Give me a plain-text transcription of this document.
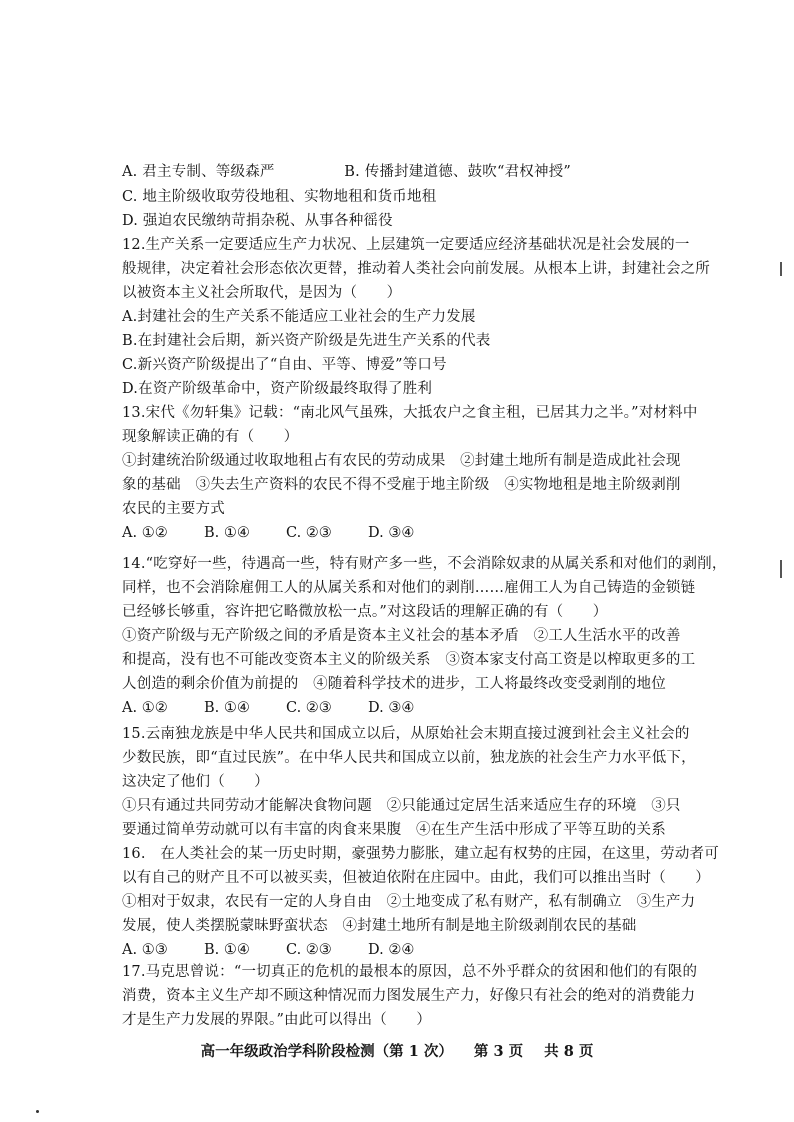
A. 君主专制、等级森严	B. 传播封建道德、鼓吹“君权神授”
C. 地主阶级收取劳役地租、实物地租和货币地租
D. 强迫农民缴纳苛捐杂税、从事各种徭役
12.生产关系一定要适应生产力状况、上层建筑一定要适应经济基础状况是社会发展的一
般规律，决定着社会形态依次更替，推动着人类社会向前发展。从根本上讲，封建社会之所
以被资本主义社会所取代，是因为（　　）
A.封建社会的生产关系不能适应工业社会的生产力发展
B.在封建社会后期，新兴资产阶级是先进生产关系的代表
C.新兴资产阶级提出了“自由、平等、博爱”等口号
D.在资产阶级革命中，资产阶级最终取得了胜利
13.宋代《勿轩集》记载：“南北风气虽殊，大抵农户之食主租，已居其力之半。”对材料中
现象解读正确的有（　　）
①封建统治阶级通过收取地租占有农民的劳动成果　②封建土地所有制是造成此社会现
象的基础　③失去生产资料的农民不得不受雇于地主阶级　④实物地租是地主阶级剥削
农民的主要方式
A. ①②	B. ①④ C. ②③ D. ③④
14.“吃穿好一些，待遇高一些，特有财产多一些，不会消除奴隶的从属关系和对他们的剥削，
同样，也不会消除雇佣工人的从属关系和对他们的剥削……雇佣工人为自己铸造的金锁链
已经够长够重，容许把它略微放松一点。”对这段话的理解正确的有（　　）
①资产阶级与无产阶级之间的矛盾是资本主义社会的基本矛盾　②工人生活水平的改善
和提高，没有也不可能改变资本主义的阶级关系　③资本家支付高工资是以榨取更多的工
人创造的剩余价值为前提的　④随着科学技术的进步，工人将最终改变受剥削的地位
A. ①②	B. ①④ C. ②③ D. ③④
15.云南独龙族是中华人民共和国成立以后，从原始社会末期直接过渡到社会主义社会的
少数民族，即“直过民族”。在中华人民共和国成立以前，独龙族的社会生产力水平低下，
这决定了他们（　　）
①只有通过共同劳动才能解决食物问题　②只能通过定居生活来适应生存的环境　③只
要通过简单劳动就可以有丰富的肉食来果腹　④在生产生活中形成了平等互助的关系
16.　在人类社会的某一历史时期，豪强势力膨胀，建立起有权势的庄园，在这里，劳动者可
以有自己的财产且不可以被买卖，但被迫依附在庄园中。由此，我们可以推出当时（　　）
①相对于奴隶，农民有一定的人身自由　②土地变成了私有财产，私有制确立　③生产力
发展，使人类摆脱蒙昧野蛮状态　④封建土地所有制是地主阶级剥削农民的基础
A. ①③	B. ①④ C. ②③ D. ②④
17.马克思曾说：“一切真正的危机的最根本的原因，总不外乎群众的贫困和他们的有限的
消费，资本主义生产却不顾这种情况而力图发展生产力，好像只有社会的绝对的消费能力
才是生产力发展的界限。”由此可以得出（　　）
高一年级政治学科阶段检测（第 1 次） 第 3 页 共 8 页
